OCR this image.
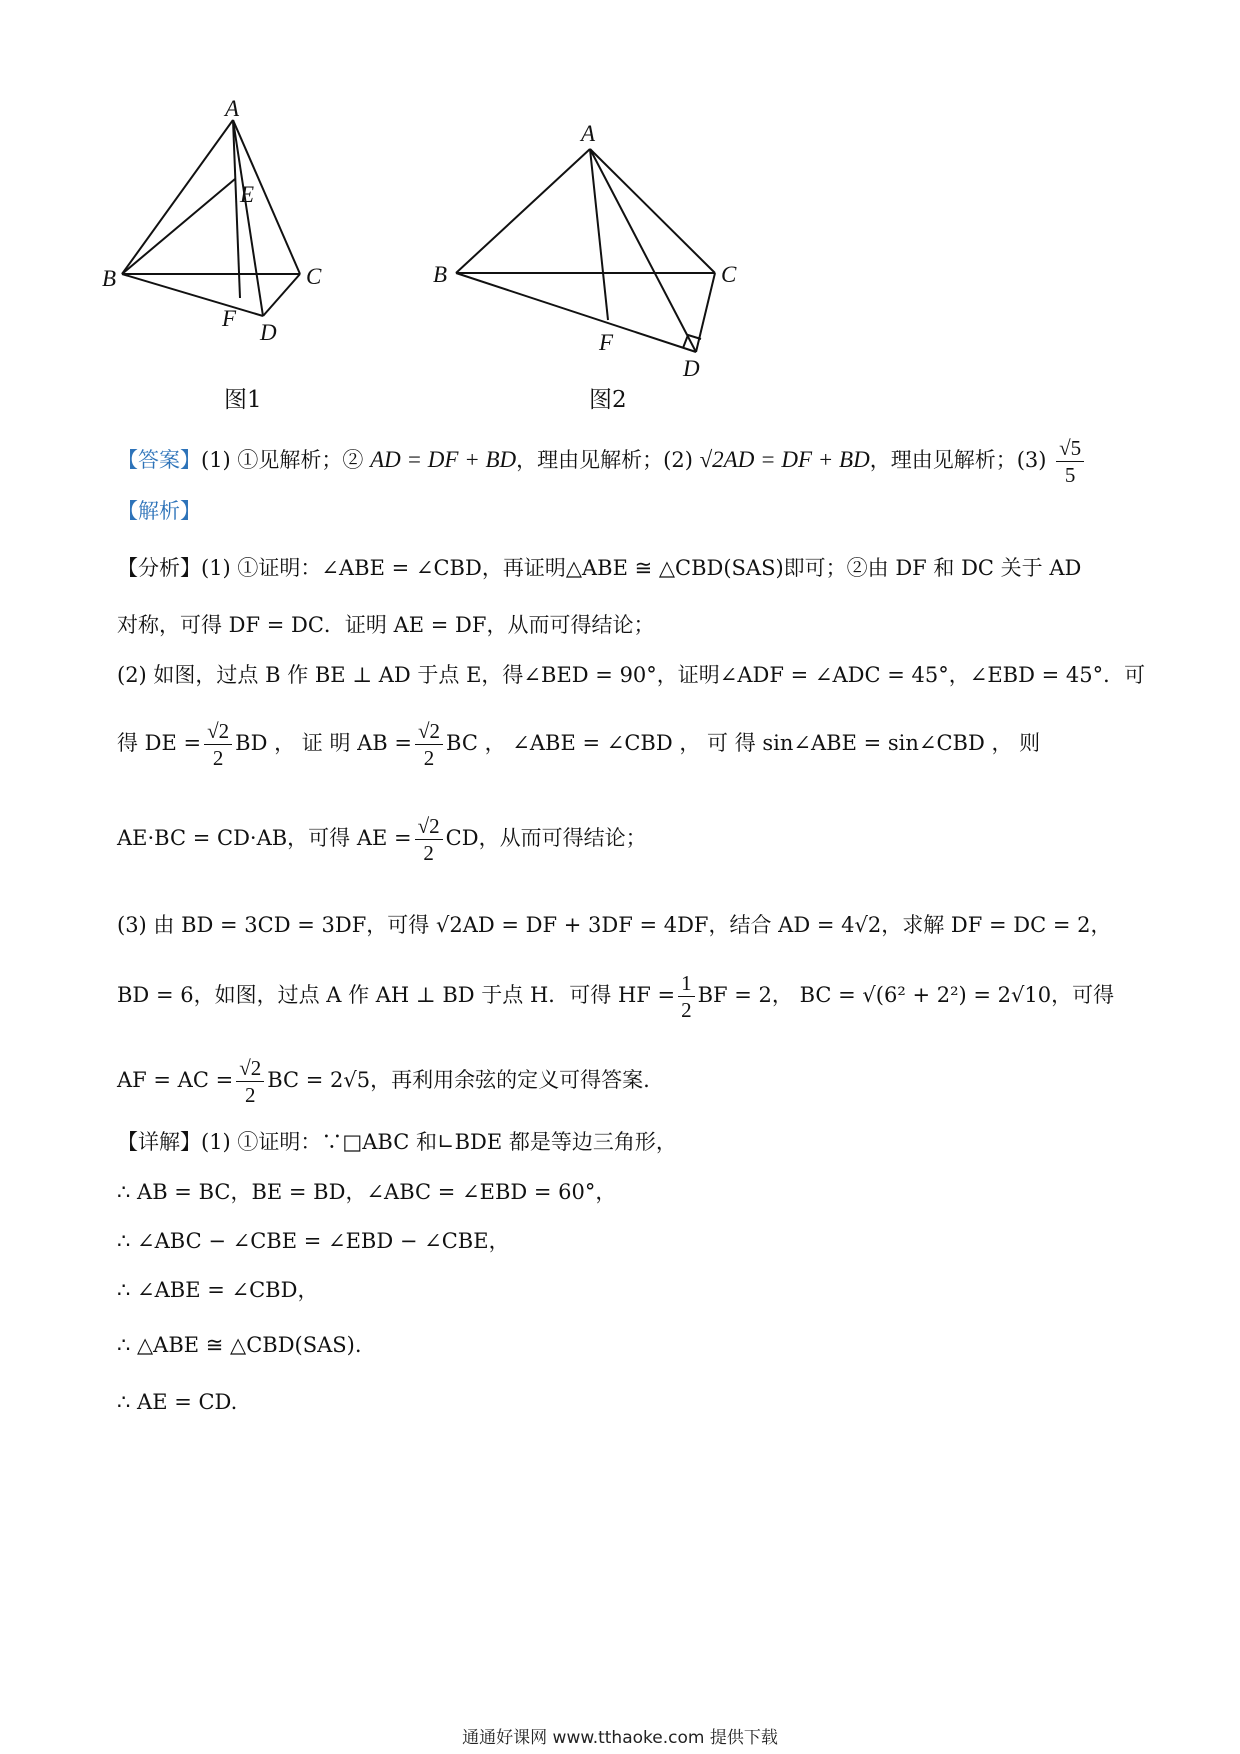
A
E
B	C
F
D
图1
A
B	C
F
D
图2
【答案】(1) ①见解析；② AD = DF + BD，理由见解析；(2) √2AD = DF + BD，理由见解析；$(3) \frac{√5}{5}$
【解析】
【分析】(1) ①证明：∠ABE = ∠CBD，再证明△ABE ≅ △CBD(SAS)即可；②由 DF 和 DC 关于 AD
对称，可得 DF = DC．证明 AE = DF，从而可得结论；
(2) 如图，过点 B 作 BE ⊥ AD 于点 E，得∠BED = 90°，证明∠ADF = ∠ADC = 45°，∠EBD = 45°．可
得 DE = $\frac{√2}{2}$ BD ， 证 明 AB = $\frac{√2}{2}$ BC ， ∠ABE = ∠CBD ， 可 得 sin∠ABE = sin∠CBD ， 则
AE·BC = CD·AB，可得 AE = $\frac{√2}{2}$ CD，从而可得结论；
(3) 由 BD = 3CD = 3DF，可得 √2AD = DF + 3DF = 4DF，结合 AD = 4√2，求解 DF = DC = 2，
BD = 6，如图，过点 A 作 AH ⊥ BD 于点 H．可得 HF = $\frac{1}{2}$ BF = 2， BC = √(6² + 2²) = 2√10，可得
AF = AC = $\frac{√2}{2}$ BC = 2√5，再利用余弦的定义可得答案.
【详解】(1) ①证明：∵□ABC 和∟BDE 都是等边三角形，
∴ AB = BC，BE = BD，∠ABC = ∠EBD = 60°，
∴ ∠ABC − ∠CBE = ∠EBD − ∠CBE，
∴ ∠ABE = ∠CBD，
∴ △ABE ≅ △CBD(SAS).
∴ AE = CD.
通通好课网 www.tthaoke.com 提供下载
